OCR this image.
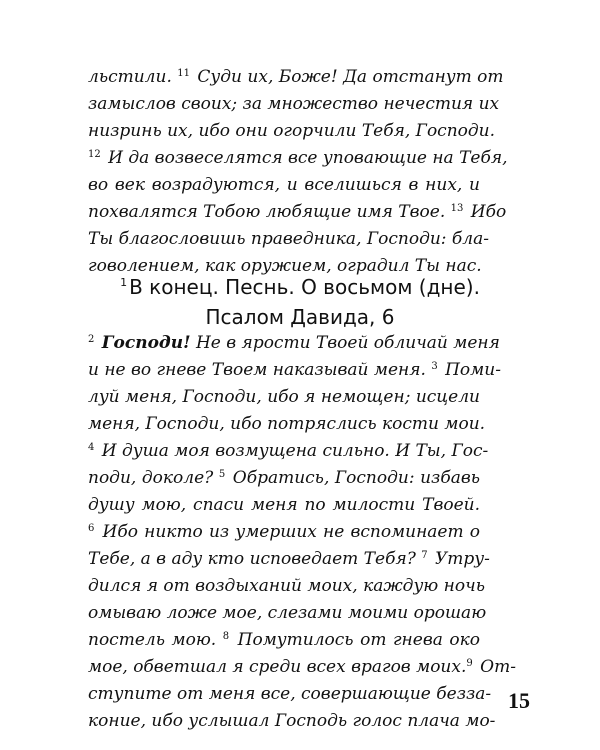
льстили. $^{11}$ Суди их, Боже! Да отстанут от
замыслов своих; за множество нечестия их
низринь их, ибо они огорчили Тебя, Господи.
$^{12}$ И да возвеселятся все уповающие на Тебя,
во век возрадуются, и вселишься в них, и
похвалятся Тобою любящие имя Твое. $^{13}$ Ибо
Ты благословишь праведника, Господи: бла-
говолением, как оружием, оградил Ты нас.
$^1$ В конец. Песнь. О восьмом (дне).
Псалом Давида, 6
$^2$ Господи! Не в ярости Твоей обличай меня
и не во гневе Твоем наказывай меня. $^3$ Поми-
луй меня, Господи, ибо я немощен; исцели
меня, Господи, ибо потряслись кости мои.
$^4$ И душа моя возмущена сильно. И Ты, Гос-
поди, доколе? $^5$ Обратись, Господи: избавь
душу мою, спаси меня по милости Твоей.
$^6$ Ибо никто из умерших не вспоминает о
Тебе, а в аду кто исповедает Тебя? $^7$ Утру-
дился я от воздыханий моих, каждую ночь
омываю ложе мое, слезами моими орошаю
постель мою. $^8$ Помутилось от гнева око
мое, обветшал я среди всех врагов моих.$^9$ От-
ступите от меня все, совершающие безза-
коние, ибо услышал Господь голос плача мо-
15
